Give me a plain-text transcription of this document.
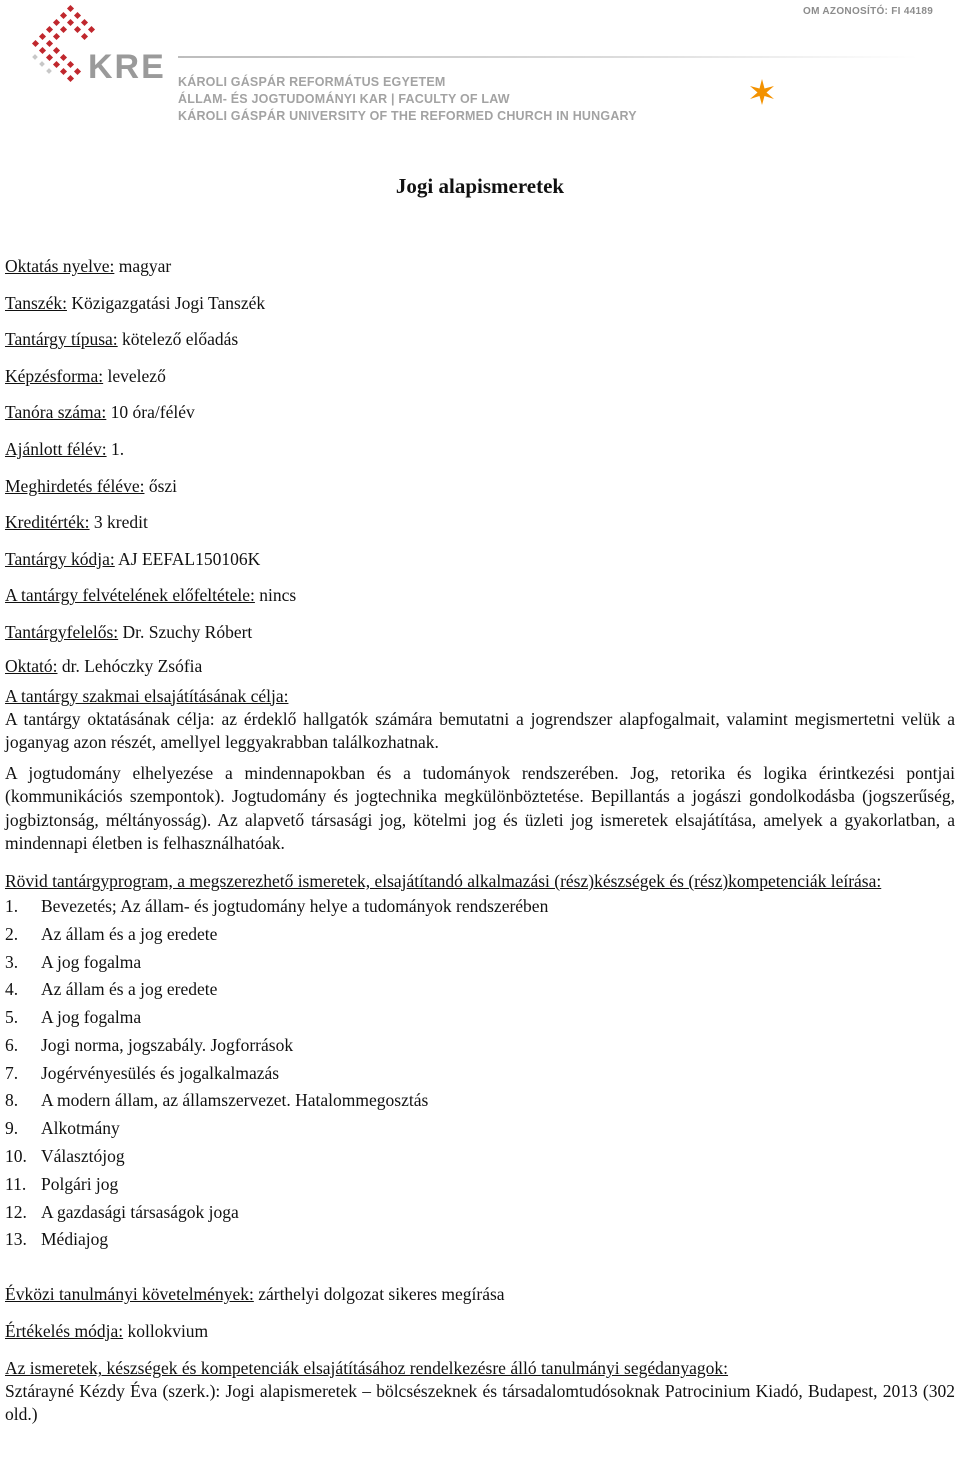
KRE
OM AZONOSÍTÓ: FI 44189
KÁROLI GÁSPÁR REFORMÁTUS EGYETEM
ÁLLAM- ÉS JOGTUDOMÁNYI KAR | FACULTY OF LAW
KÁROLI GÁSPÁR UNIVERSITY OF THE REFORMED CHURCH IN HUNGARY
Jogi alapismeretek
Oktatás nyelve: magyar
Tanszék: Közigazgatási Jogi Tanszék
Tantárgy típusa: kötelező előadás
Képzésforma: levelező
Tanóra száma: 10 óra/félév
Ajánlott félév: 1.
Meghirdetés féléve: őszi
Kreditérték: 3 kredit
Tantárgy kódja: AJ EEFAL150106K
A tantárgy felvételének előfeltétele: nincs
Tantárgyfelelős: Dr. Szuchy Róbert
Oktató: dr. Lehóczky Zsófia
A tantárgy szakmai elsajátításának célja:

A tantárgy oktatásának célja: az érdeklő hallgatók számára bemutatni a jogrendszer alapfogalmait, valamint megismertetni velük a joganyag azon részét, amellyel leggyakrabban találkozhatnak.

A jogtudomány elhelyezése a mindennapokban és a tudományok rendszerében. Jog, retorika és logika érintkezési pontjai (kommunikációs szempontok). Jogtudomány és jogtechnika megkülönböztetése. Bepillantás a jogászi gondolkodásba (jogszerűség, jogbiztonság, méltányosság). Az alapvető társasági jog, kötelmi jog és üzleti jog ismeretek elsajátítása, amelyek a gyakorlatban, a mindennapi életben is felhasználhatóak.

Rövid tantárgyprogram, a megszerezhető ismeretek, elsajátítandó alkalmazási (rész)készségek és (rész)kompetenciák leírása:

1. Bevezetés; Az állam- és jogtudomány helye a tudományok rendszerében
2. Az állam és a jog eredete
3. A jog fogalma
4. Az állam és a jog eredete
5. A jog fogalma
6. Jogi norma, jogszabály. Jogforrások
7. Jogérvényesülés és jogalkalmazás
8. A modern állam, az államszervezet. Hatalommegosztás
9. Alkotmány
10. Választójog
11. Polgári jog
12. A gazdasági társaságok joga
13. Médiajog
Évközi tanulmányi követelmények: zárthelyi dolgozat sikeres megírása
Értékelés módja: kollokvium

Az ismeretek, készségek és kompetenciák elsajátításához rendelkezésre álló tanulmányi segédanyagok:

Sztárayné Kézdy Éva (szerk.): Jogi alapismeretek – bölcsészeknek és társadalomtudósoknak Patrocinium Kiadó, Budapest, 2013 (302 old.)
